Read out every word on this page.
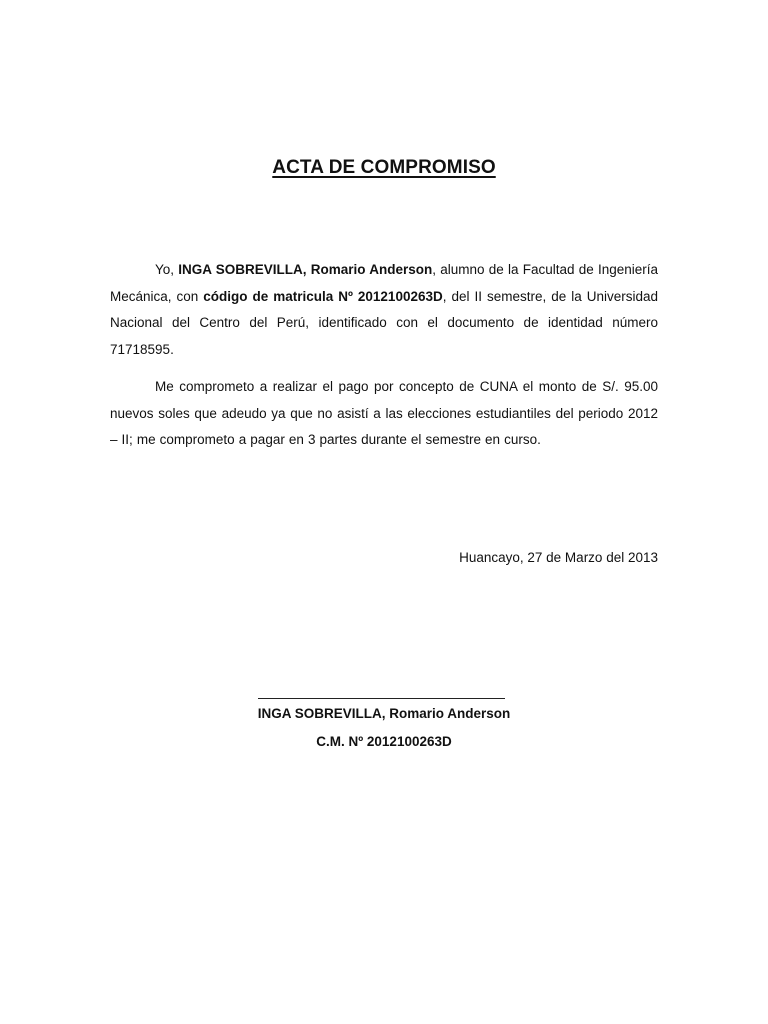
ACTA DE COMPROMISO
Yo, INGA SOBREVILLA, Romario Anderson, alumno de la Facultad de Ingeniería Mecánica, con código de matricula Nº 2012100263D, del II semestre, de la Universidad Nacional del Centro del Perú, identificado con el documento de identidad número 71718595.
Me comprometo a realizar el pago por concepto de CUNA el monto de S/. 95.00 nuevos soles que adeudo ya que no asistí a las elecciones estudiantiles del periodo 2012 – II; me comprometo a pagar en 3 partes durante el semestre en curso.
Huancayo, 27 de Marzo del 2013
INGA SOBREVILLA, Romario Anderson
C.M. Nº 2012100263D
